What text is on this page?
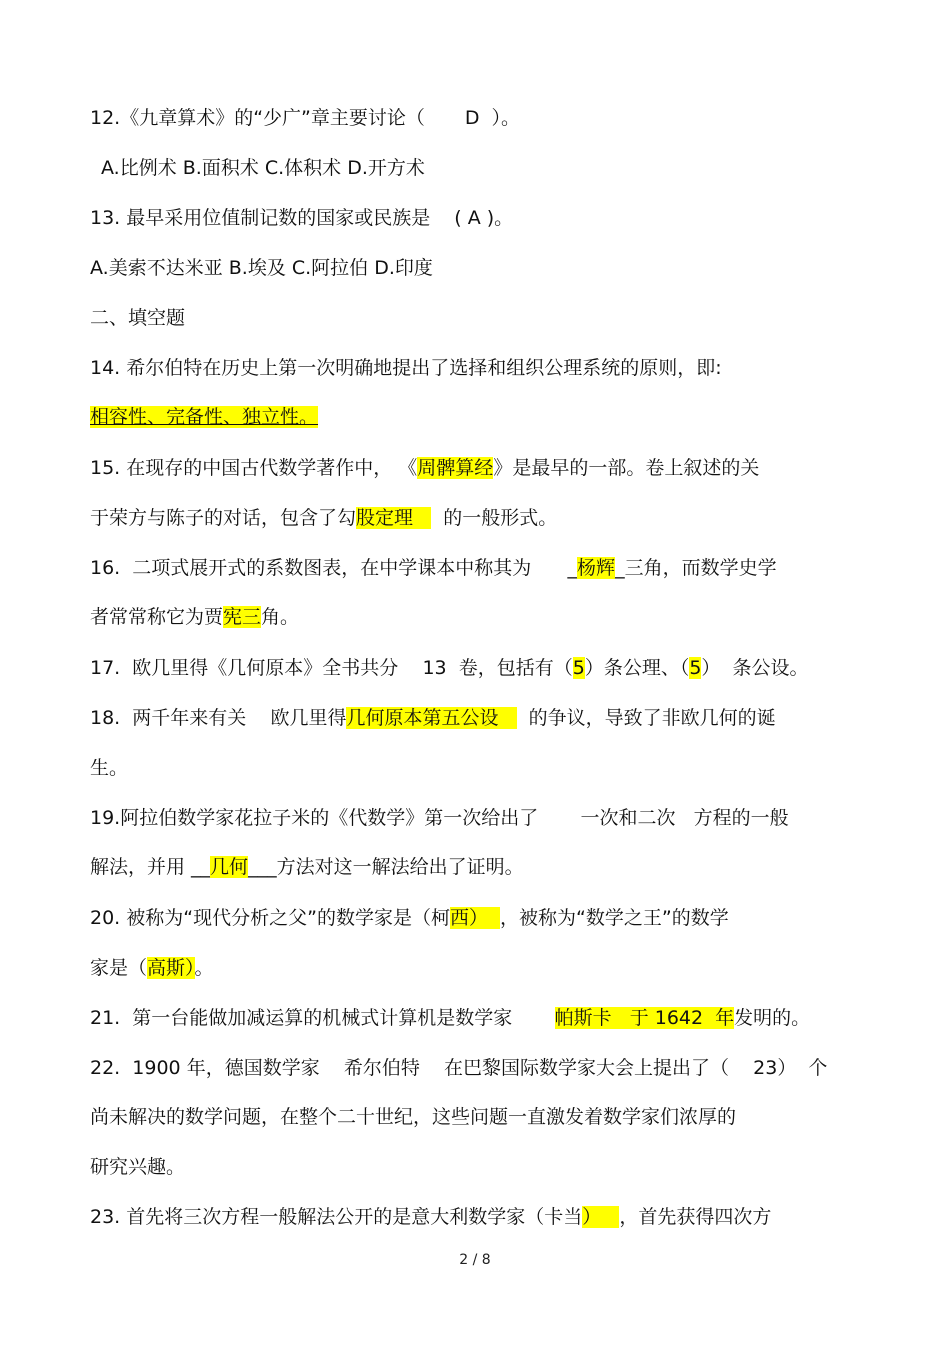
12.《九章算术》的“少广”章主要讨论（ D ）。
A.比例术 B.面积术 C.体积术 D.开方术
13. 最早采用位值制记数的国家或民族是 ( A )。
A.美索不达米亚 B.埃及 C.阿拉伯 D.印度
二、填空题
14. 希尔伯特在历史上第一次明确地提出了选择和组织公理系统的原则，即:
相容性、完备性、独立性。
15. 在现存的中国古代数学著作中， 《周髀算经》是最早的一部。卷上叙述的关
于荣方与陈子的对话，包含了勾股定理     的一般形式。
16.  二项式展开式的系数图表，在中学课本中称其为      _杨辉_三角，而数学史学
者常常称它为贾宪三角。
17.  欧几里得《几何原本》全书共分    13  卷，包括有（5）条公理、（5）  条公设。
18.  两千年来有关    欧几里得几何原本第五公设     的争议，导致了非欧几何的诞
生。
19.阿拉伯数学家花拉子米的《代数学》第一次给出了       一次和二次   方程的一般
解法，并用 __几何___方法对这一解法给出了证明。
20. 被称为“现代分析之父”的数学家是（柯西）  ，被称为“数学之王”的数学
家是（高斯）。
21.  第一台能做加减运算的机械式计算机是数学家       帕斯卡   于 1642  年发明的。
22.  1900 年，德国数学家    希尔伯特    在巴黎国际数学家大会上提出了（    23）  个
尚未解决的数学问题，在整个二十世纪，这些问题一直激发着数学家们浓厚的
研究兴趣。
23. 首先将三次方程一般解法公开的是意大利数学家（卡当）   ，首先获得四次方
2 / 8
